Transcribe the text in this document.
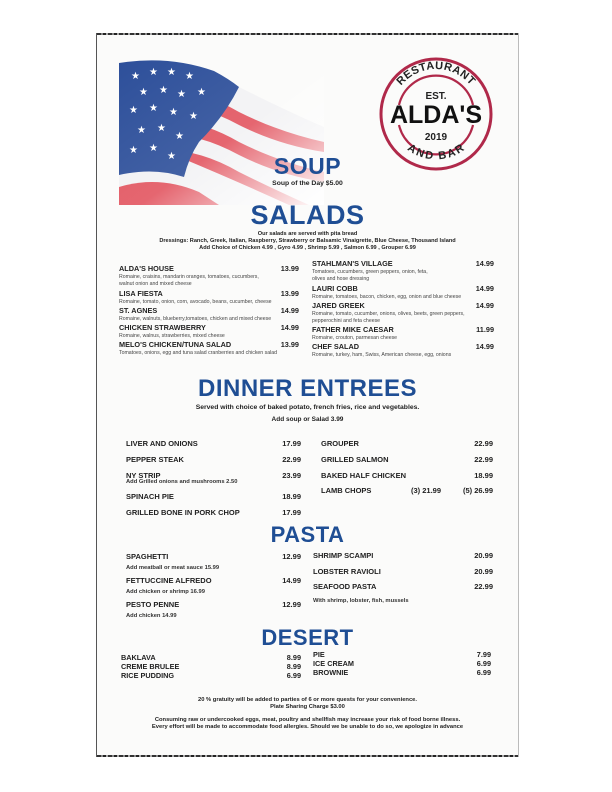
RESTAURANT
EST.
ALDA'S
2019
AND BAR
SOUP
Soup of the Day $5.00
SALADS
Our salads are served with pita bread
Dressings: Ranch, Greek, Italian, Raspberry, Strawberry or Balsamic Vinaigrette, Blue Cheese, Thousand Island
Add Choice of Chicken 4.99 , Gyro 4.99 , Shrimp 5.99 , Salmon 6.99 , Grouper 6.99
ALDA'S HOUSE	13.99
Romaine, craisins, mandarin oranges, tomatoes, cucumbers,
walnut onion and mixed cheese
LISA FIESTA	13.99
Romaine, tomato, onion, corn, avocado, beans, cucumber, cheese
ST. AGNES	14.99
Romaine, walnuts, blueberry,tomatoes, chicken and mixed cheese
CHICKEN STRAWBERRY	14.99
Romaine, walnus, strawberries, mixed cheese
MELO'S CHICKEN/TUNA SALAD	13.99
Tomatoes, onions, egg and tuna salad cranberries and chicken salad
STAHLMAN'S VILLAGE	14.99
Tomatoes, cucumbers, green peppers, onion, feta,
olives and hose dressing
LAURI COBB	14.99
Romaine, tomatoes, bacon, chicken, egg, onion and blue cheese
JARED GREEK	14.99
Romaine, tomato, cucumber, onions, olives, beets, green peppers,
pepperochini and feta cheese
FATHER MIKE CAESAR	11.99
Romaine, crouton, parmesan cheese
CHEF SALAD	14.99
Romaine, turkey, ham, Swiss, American cheese, egg, onions
DINNER ENTREES
Served with choice of baked potato, french fries, rice and vegetables.
Add soup or Salad 3.99
LIVER AND ONIONS	17.99
PEPPER STEAK	22.99
NY STRIP	23.99
Add Grilled onions and mushrooms 2.50
SPINACH PIE	18.99
GRILLED BONE IN PORK CHOP	17.99
GROUPER	22.99
GRILLED SALMON	22.99
BAKED HALF CHICKEN	18.99
LAMB CHOPS	(3) 21.99	(5) 26.99
PASTA
SPAGHETTI	12.99
Add meatball or meat sauce 15.99
FETTUCCINE ALFREDO	14.99
Add chicken or shrimp 16.99
PESTO PENNE	12.99
Add chicken 14.99
SHRIMP SCAMPI	20.99
LOBSTER RAVIOLI	20.99
SEAFOOD PASTA	22.99
With shrimp, lobster, fish, mussels
DESERT
BAKLAVA	8.99
CREME BRULEE	8.99
RICE PUDDING	6.99
PIE	7.99
ICE CREAM	6.99
BROWNIE	6.99
20 % gratuity will be added to parties of 6 or more quests for your convenience.
Plate Sharing Charge $3.00
Consuming raw or undercooked eggs, meat, poultry and shellfish may increase your risk of food borne illness.
Every effort will be made to accommodate food allergies. Should we be unable to do so, we apologize in advance
